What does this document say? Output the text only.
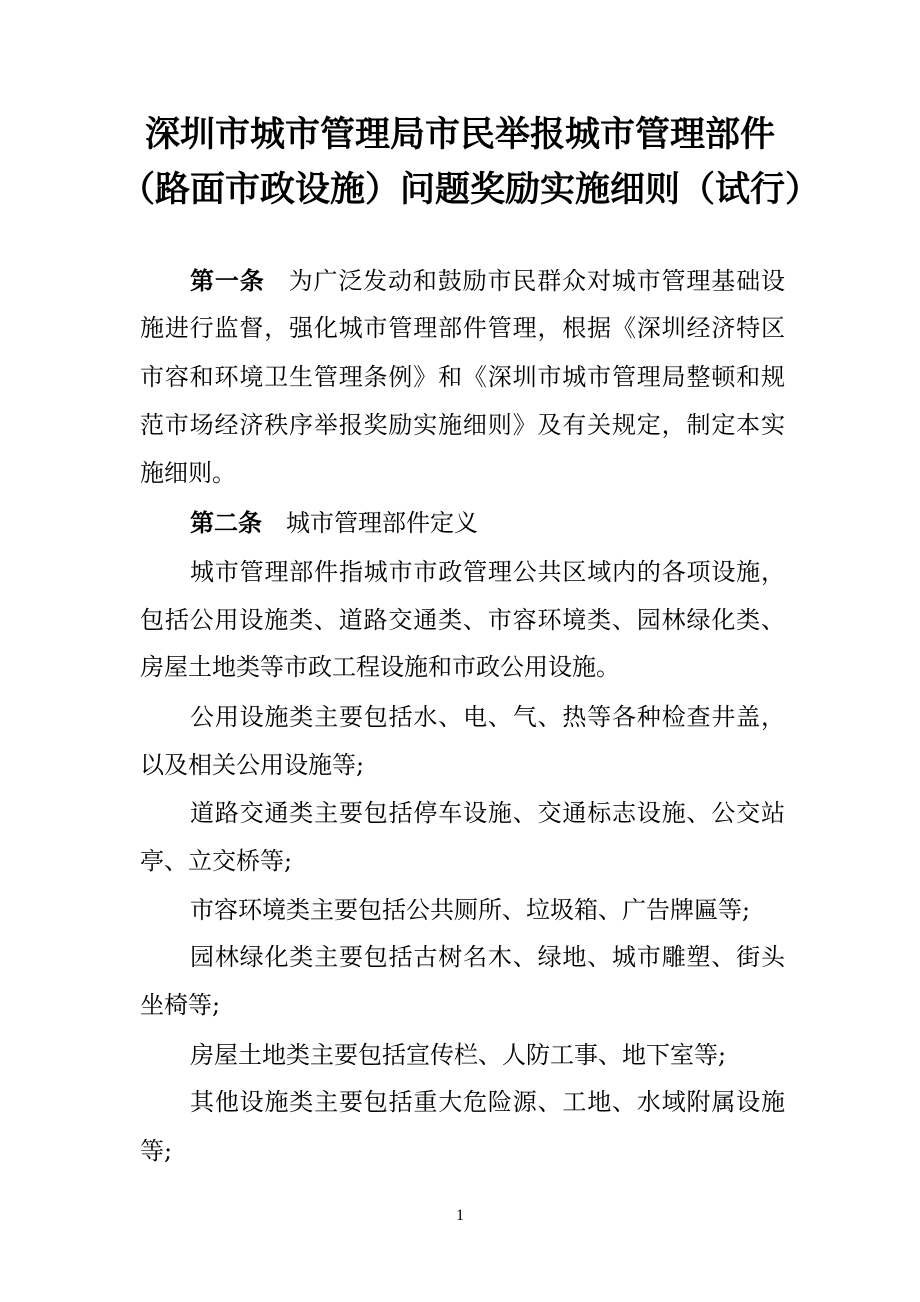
深圳市城市管理局市民举报城市管理部件
（路面市政设施）问题奖励实施细则（试行）
第一条 为广泛发动和鼓励市民群众对城市管理基础设
施进行监督，强化城市管理部件管理，根据《深圳经济特区
市容和环境卫生管理条例》和《深圳市城市管理局整顿和规
范市场经济秩序举报奖励实施细则》及有关规定，制定本实
施细则。
第二条 城市管理部件定义
城市管理部件指城市市政管理公共区域内的各项设施，
包括公用设施类、道路交通类、市容环境类、园林绿化类、
房屋土地类等市政工程设施和市政公用设施。
公用设施类主要包括水、电、气、热等各种检查井盖，
以及相关公用设施等;
道路交通类主要包括停车设施、交通标志设施、公交站
亭、立交桥等;
市容环境类主要包括公共厕所、垃圾箱、广告牌匾等;
园林绿化类主要包括古树名木、绿地、城市雕塑、街头
坐椅等;
房屋土地类主要包括宣传栏、人防工事、地下室等;
其他设施类主要包括重大危险源、工地、水域附属设施
等;
1
